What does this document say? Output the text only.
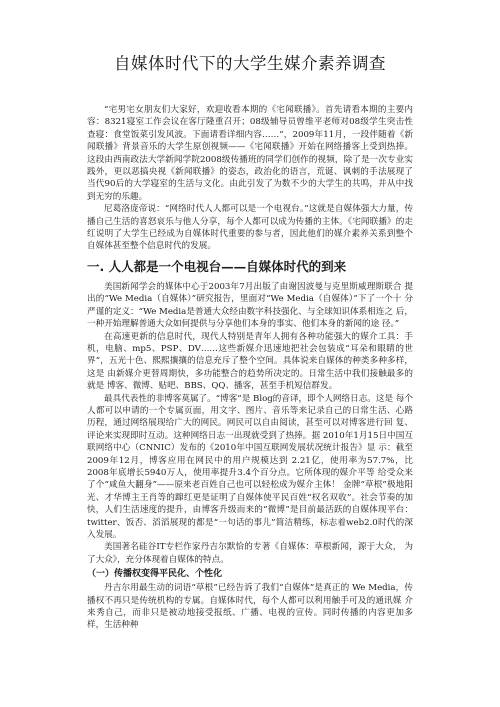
自媒体时代下的大学生媒介素养调查

“宅男宅女朋友们大家好，欢迎收看本期的《宅闻联播》。首先请看本期的主要内容：8321寝室工作会议在客厅隆重召开；08级辅导员曾维平老师对08级学生突击性查寝：食堂饭菜引发风波。下面请看详细内容……”，2009年11月，一段伴随着《新闻联播》背景音乐的大学生原创视频——《宅闻联播》开始在网络播客上受到热捧。这段由西南政法大学新闻学院2008级传播班的同学们创作的视频，除了是一次专业实践外，更以恶搞央视《新闻联播》的姿态，政治化的语言，荒诞、讽刺的手法展现了当代90后的大学寝室的生活与文化。由此引发了为数不少的大学生的共鸣，并从中找到无穷的乐趣。

尼葛洛庞帝说：“网络时代人人都可以是一个电视台。”这就是自媒体强大力量，传播自己生活的喜怒哀乐与他人分享，每个人都可以成为传播的主体。《宅闻联播》的走红说明了大学生已经成为自媒体时代重要的参与者，因此他们的媒介素养关系到整个自媒体甚至整个信息时代的发展。

一. 人人都是一个电视台——自媒体时代的到来

美国新闻学会的媒体中心于2003年7月出版了由谢因波曼与克里斯威理斯联合 提出的“We Media（自媒体）”研究报告，里面对“We Media（自媒体）”下了一个十 分严谨的定义：“We Media是普通大众经由数字科技强化、与全球知识体系相连之 后，一种开始理解普通大众如何提供与分享他们本身的事实、他们本身的新闻的途 径。”

在高速更新的信息时代，现代人特别是青年人拥有各种功能强大的媒介工具：手 机，电脑、mp5、PSP、DV……这些新媒介迅速地把社会包装成“耳朵和眼睛的世界”，五光十色、熙熙攘攘的信息充斥了整个空间。具体说来自媒体的种类多种多样，这是 由新媒介更替周期快，多功能整合的趋势所决定的。日常生活中我们接触最多的就是 博客、微博、贴吧、BBS、QQ、播客，甚至手机短信群发。

最具代表性的非博客莫属了。“博客”是 Blog的音译，即个人网络日志。这是 每个人都可以申请的一个专属页面，用文字、图片、音乐等来记录自己的日常生活、心路历程，通过网络展现给广大的网民。网民可以自由阅读，甚至可以对博客进行回 复、评论来实现即时互动。这种网络日志一出现就受到了热捧。据 2010年1月15日中国互联网络中心（CNNIC）发布的《2010年中国互联网发展状况统计报告》显 示：截至2009年12月，博客应用在网民中的用户规模达到 2.21亿，使用率为57.7%，比2008年底增长5940万人，使用率提升3.4个百分点。它所体现的媒介平等 给受众来了个“咸鱼大翻身”——原来老百姓自己也可以轻松成为媒介主体！ 金牌“草根”极地阳光、才华博主王肖等的蹿红更是证明了自媒体使平民百姓“权名双收”。社会节奏的加快，人们生活速度的提升，由博客升级而来的“微博”是目前最活跃的自媒体现平台：twitter、饭否、滔滔展现的都是“一句话的事儿”简洁精练，标志着web2.0时代的深入发展。

美国著名硅谷IT专栏作家丹吉尔默恰的专著《自媒体：草根新闻，源于大众， 为了大众》，充分体现着自媒体的特点。

（一）传播权变得平民化、个性化

丹吉尔用最生动的词语“草根”已经告诉了我们“自媒体”是真正的 We Media，传播权不再只是传统机构的专属。自媒体时代，每个人都可以利用触手可及的通讯媒 介来秀自己，而非只是被动地接受报纸、广播、电视的宣传。同时传播的内容更加多 样，生活种种
